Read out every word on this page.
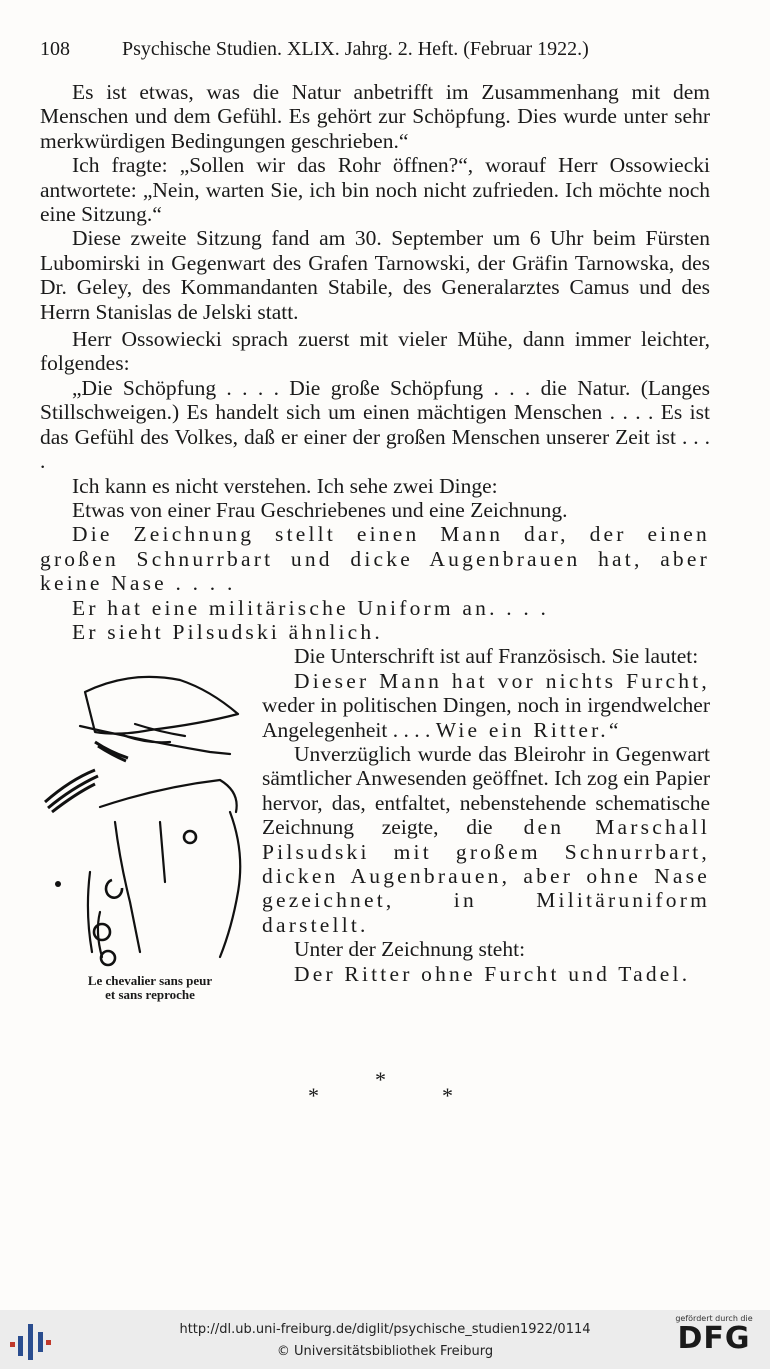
108	Psychische Studien. XLIX. Jahrg. 2. Heft. (Februar 1922.)

Es ist etwas, was die Natur anbetrifft im Zusammenhang mit dem Menschen und dem Gefühl. Es gehört zur Schöpfung. Dies wurde unter sehr merkwürdigen Bedingungen geschrieben.“

Ich fragte: „Sollen wir das Rohr öffnen?“, worauf Herr Ossowiecki antwortete: „Nein, warten Sie, ich bin noch nicht zufrieden. Ich möchte noch eine Sitzung.“

Diese zweite Sitzung fand am 30. September um 6 Uhr beim Fürsten Lubomirski in Gegenwart des Grafen Tarnowski, der Gräfin Tarnowska, des Dr. Geley, des Kommandanten Stabile, des Generalarztes Camus und des Herrn Stanislas de Jelski statt.

Herr Ossowiecki sprach zuerst mit vieler Mühe, dann immer leichter, folgendes:

„Die Schöpfung . . . . Die große Schöpfung . . . die Natur. (Langes Stillschweigen.) Es handelt sich um einen mächtigen Menschen . . . . Es ist das Gefühl des Volkes, daß er einer der großen Menschen unserer Zeit ist . . . .

Ich kann es nicht verstehen. Ich sehe zwei Dinge:

Etwas von einer Frau Geschriebenes und eine Zeichnung.

Die Zeichnung stellt einen Mann dar, der einen großen Schnurrbart und dicke Augenbrauen hat, aber keine Nase . . . .

Er hat eine militärische Uniform an. . . .

Er sieht Pilsudski ähnlich.

Le chevalier sans peur
et sans reproche

Die Unterschrift ist auf Französisch. Sie lautet:

Dieser Mann hat vor nichts Furcht, weder in politischen Dingen, noch in irgendwelcher Angelegenheit . . . . Wie ein Ritter.“

Unverzüglich wurde das Bleirohr in Gegenwart sämtlicher Anwesenden geöffnet. Ich zog ein Papier hervor, das, entfaltet, nebenstehende schematische Zeichnung zeigte, die den Marschall Pilsudski mit großem Schnurrbart, dicken Augenbrauen, aber ohne Nase gezeichnet, in Militäruniform darstellt.

Unter der Zeichnung steht:

Der Ritter ohne Furcht und Tadel.

*
*	*
http://dl.ub.uni-freiburg.de/diglit/psychische_studien1922/0114
© Universitätsbibliothek Freiburg
gefördert durch die
DFG
